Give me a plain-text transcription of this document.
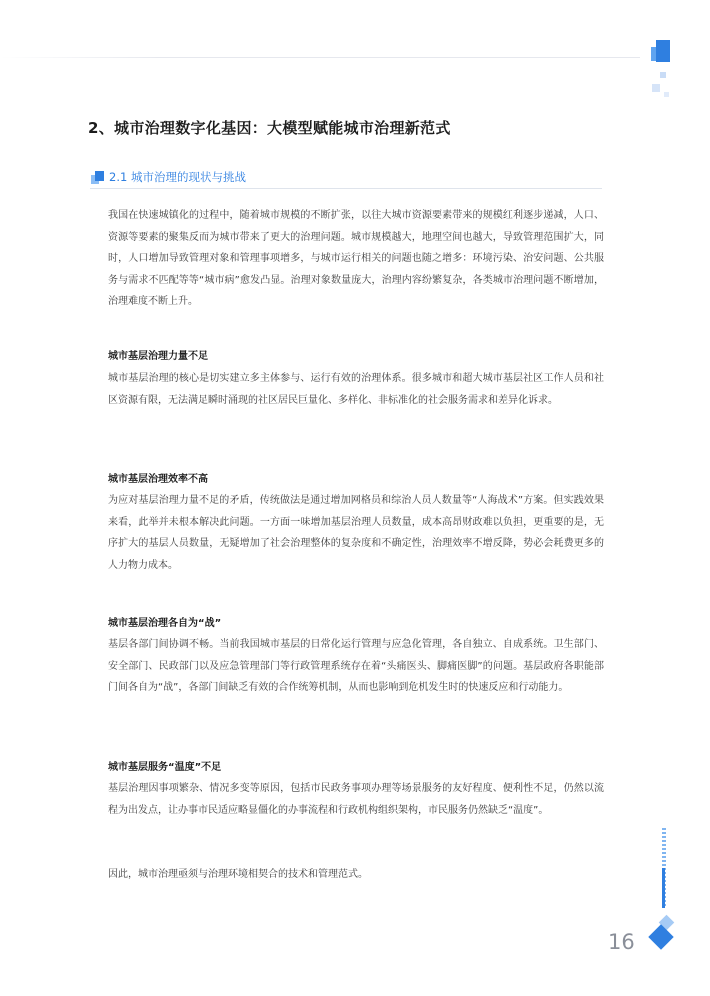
2、城市治理数字化基因：大模型赋能城市治理新范式
2.1 城市治理的现状与挑战

我国在快速城镇化的过程中，随着城市规模的不断扩张，以往大城市资源要素带来的规模红利逐步递减，人口、资源等要素的聚集反而为城市带来了更大的治理问题。城市规模越大，地理空间也越大，导致管理范围扩大，同时，人口增加导致管理对象和管理事项增多，与城市运行相关的问题也随之增多：环境污染、治安问题、公共服务与需求不匹配等等“城市病”愈发凸显。治理对象数量庞大，治理内容纷繁复杂，各类城市治理问题不断增加，治理难度不断上升。

城市基层治理力量不足

城市基层治理的核心是切实建立多主体参与、运行有效的治理体系。很多城市和超大城市基层社区工作人员和社区资源有限，无法满足瞬时涌现的社区居民巨量化、多样化、非标准化的社会服务需求和差异化诉求。

城市基层治理效率不高

为应对基层治理力量不足的矛盾，传统做法是通过增加网格员和综治人员人数量等“人海战术”方案。但实践效果来看，此举并未根本解决此问题。一方面一味增加基层治理人员数量，成本高昂财政难以负担，更重要的是，无序扩大的基层人员数量，无疑增加了社会治理整体的复杂度和不确定性，治理效率不增反降，势必会耗费更多的人力物力成本。

城市基层治理各自为“战”

基层各部门间协调不畅。当前我国城市基层的日常化运行管理与应急化管理，各自独立、自成系统。卫生部门、安全部门、民政部门以及应急管理部门等行政管理系统存在着“头痛医头、脚痛医脚”的问题。基层政府各职能部门间各自为“战”，各部门间缺乏有效的合作统筹机制，从而也影响到危机发生时的快速反应和行动能力。

城市基层服务“温度”不足

基层治理因事项繁杂、情况多变等原因，包括市民政务事项办理等场景服务的友好程度、便利性不足，仍然以流程为出发点，让办事市民适应略显僵化的办事流程和行政机构组织架构，市民服务仍然缺乏“温度”。

因此，城市治理亟须与治理环境相契合的技术和管理范式。

16
